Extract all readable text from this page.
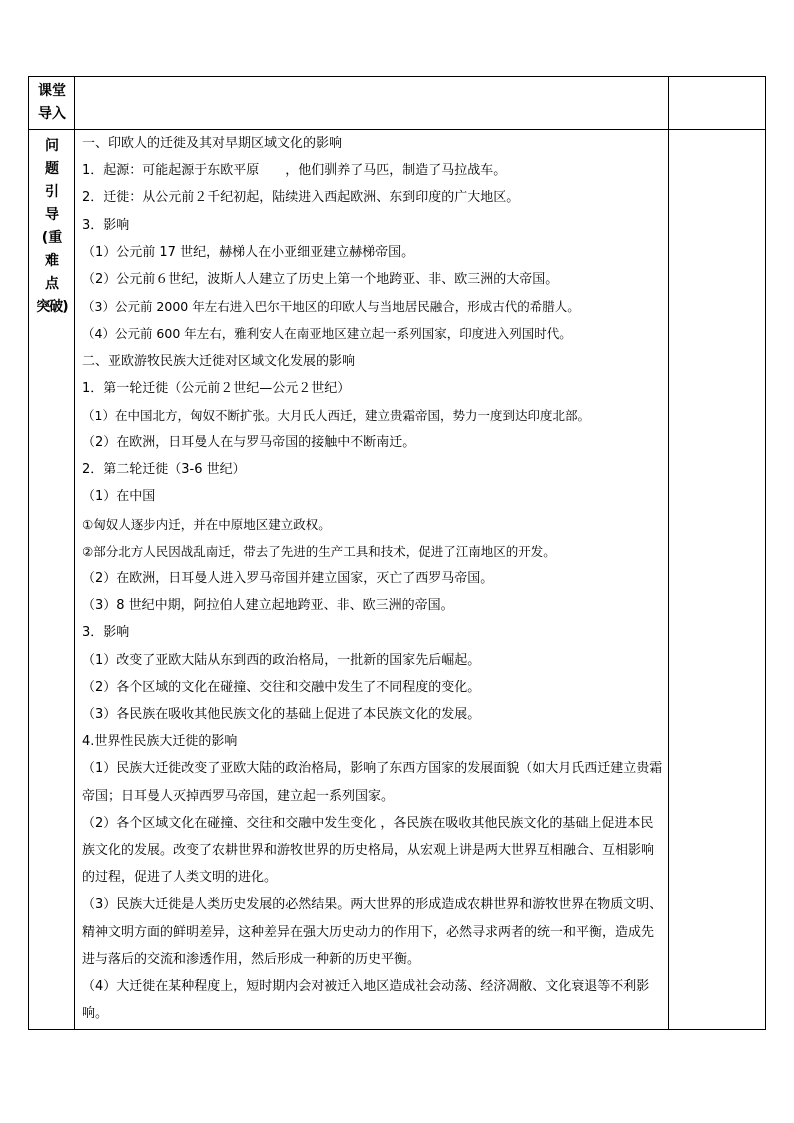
课堂
导入
问
题
引
导
(重
难
点
突破)
一、印欧人的迁徙及其对早期区域文化的影响
1．起源：可能起源于东欧平原　　，他们驯养了马匹，制造了马拉战车。
2．迁徙：从公元前２千纪初起，陆续进入西起欧洲、东到印度的广大地区。
3．影响
（1）公元前 17 世纪，赫梯人在小亚细亚建立赫梯帝国。
（2）公元前６世纪，波斯人人建立了历史上第一个地跨亚、非、欧三洲的大帝国。
（3）公元前 2000 年左右进入巴尔干地区的印欧人与当地居民融合，形成古代的希腊人。
（4）公元前 600 年左右，雅利安人在南亚地区建立起一系列国家，印度进入列国时代。
二、亚欧游牧民族大迁徙对区域文化发展的影响
1．第一轮迁徙（公元前２世纪—公元２世纪）
（1）在中国北方，匈奴不断扩张。大月氏人西迁，建立贵霜帝国，势力一度到达印度北部。
（2）在欧洲，日耳曼人在与罗马帝国的接触中不断南迁。
2．第二轮迁徙（3-6 世纪）
（1）在中国
①匈奴人逐步内迁，并在中原地区建立政权。
②部分北方人民因战乱南迁，带去了先进的生产工具和技术，促进了江南地区的开发。
（2）在欧洲，日耳曼人进入罗马帝国并建立国家，灭亡了西罗马帝国。
（3）8 世纪中期，阿拉伯人建立起地跨亚、非、欧三洲的帝国。
3．影响
（1）改变了亚欧大陆从东到西的政治格局，一批新的国家先后崛起。
（2）各个区域的文化在碰撞、交往和交融中发生了不同程度的变化。
（3）各民族在吸收其他民族文化的基础上促进了本民族文化的发展。
4.世界性民族大迁徙的影响
（1）民族大迁徙改变了亚欧大陆的政治格局，影响了东西方国家的发展面貌（如大月氏西迁建立贵霜帝国；日耳曼人灭掉西罗马帝国，建立起一系列国家。
（2）各个区域文化在碰撞、交往和交融中发生变化 ，各民族在吸收其他民族文化的基础上促进本民族文化的发展。改变了农耕世界和游牧世界的历史格局，从宏观上讲是两大世界互相融合、互相影响的过程，促进了人类文明的进化。
（3）民族大迁徙是人类历史发展的必然结果。两大世界的形成造成农耕世界和游牧世界在物质文明、精神文明方面的鲜明差异，这种差异在强大历史动力的作用下，必然寻求两者的统一和平衡，造成先进与落后的交流和渗透作用，然后形成一种新的历史平衡。
（4）大迁徙在某种程度上，短时期内会对被迁入地区造成社会动荡、经济凋敝、文化衰退等不利影响。
